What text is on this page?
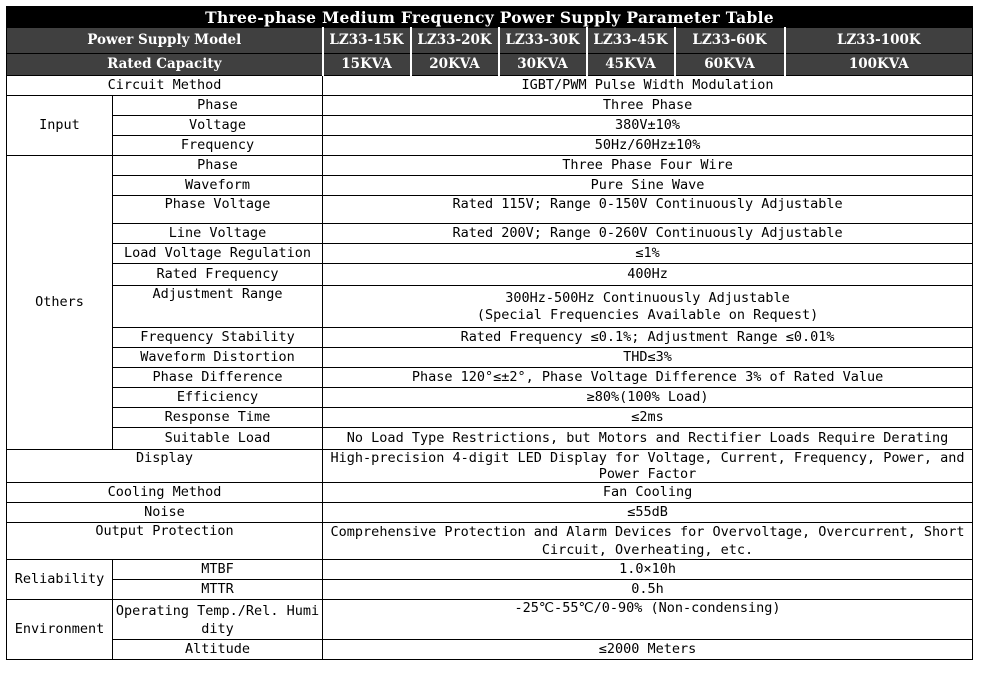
Three-phase Medium Frequency Power Supply Parameter Table							
Power Supply Model		LZ33-15K	LZ33-20K	LZ33-30K	LZ33-45K	LZ33-60K	LZ33-100K
Rated Capacity		15KVA	20KVA	30KVA	45KVA	60KVA	100KVA
Circuit Method		IGBT/PWM Pulse Width Modulation					
Input	Phase	Three Phase					
	Voltage	380V±10%					
	Frequency	50Hz/60Hz±10%					
Others	Phase	Three Phase Four Wire					
	Waveform	Pure Sine Wave					
	Phase Voltage	Rated 115V; Range 0-150V Continuously Adjustable					
	Line Voltage	Rated 200V; Range 0-260V Continuously Adjustable					
	Load Voltage Regulation	≤1%					
	Rated Frequency	400Hz					
	Adjustment Range	300Hz-500Hz Continuously Adjustable
(Special Frequencies Available on Request)					

	Frequency Stability	Rated Frequency ≤0.1%; Adjustment Range ≤0.01%					
	Waveform Distortion	THD≤3%					
	Phase Difference	Phase 120°≤±2°, Phase Voltage Difference 3% of Rated Value					
	Efficiency	≥80%(100% Load)					
	Response Time	≤2ms					
	Suitable Load	No Load Type Restrictions, but Motors and Rectifier Loads Require Derating					
Display		High-precision 4-digit LED Display for Voltage, Current, Frequency, Power, and Power Factor					
Cooling Method		Fan Cooling					
Noise		≤55dB					
Output Protection		Comprehensive Protection and Alarm Devices for Overvoltage, Overcurrent, Short Circuit, Overheating, etc.					
Reliability	MTBF	1.0×10h					
	MTTR	0.5h					
Environment	Operating Temp./Rel. Humidity	-25℃-55℃/0-90% (Non-condensing)					
	Altitude	≤2000 Meters					
